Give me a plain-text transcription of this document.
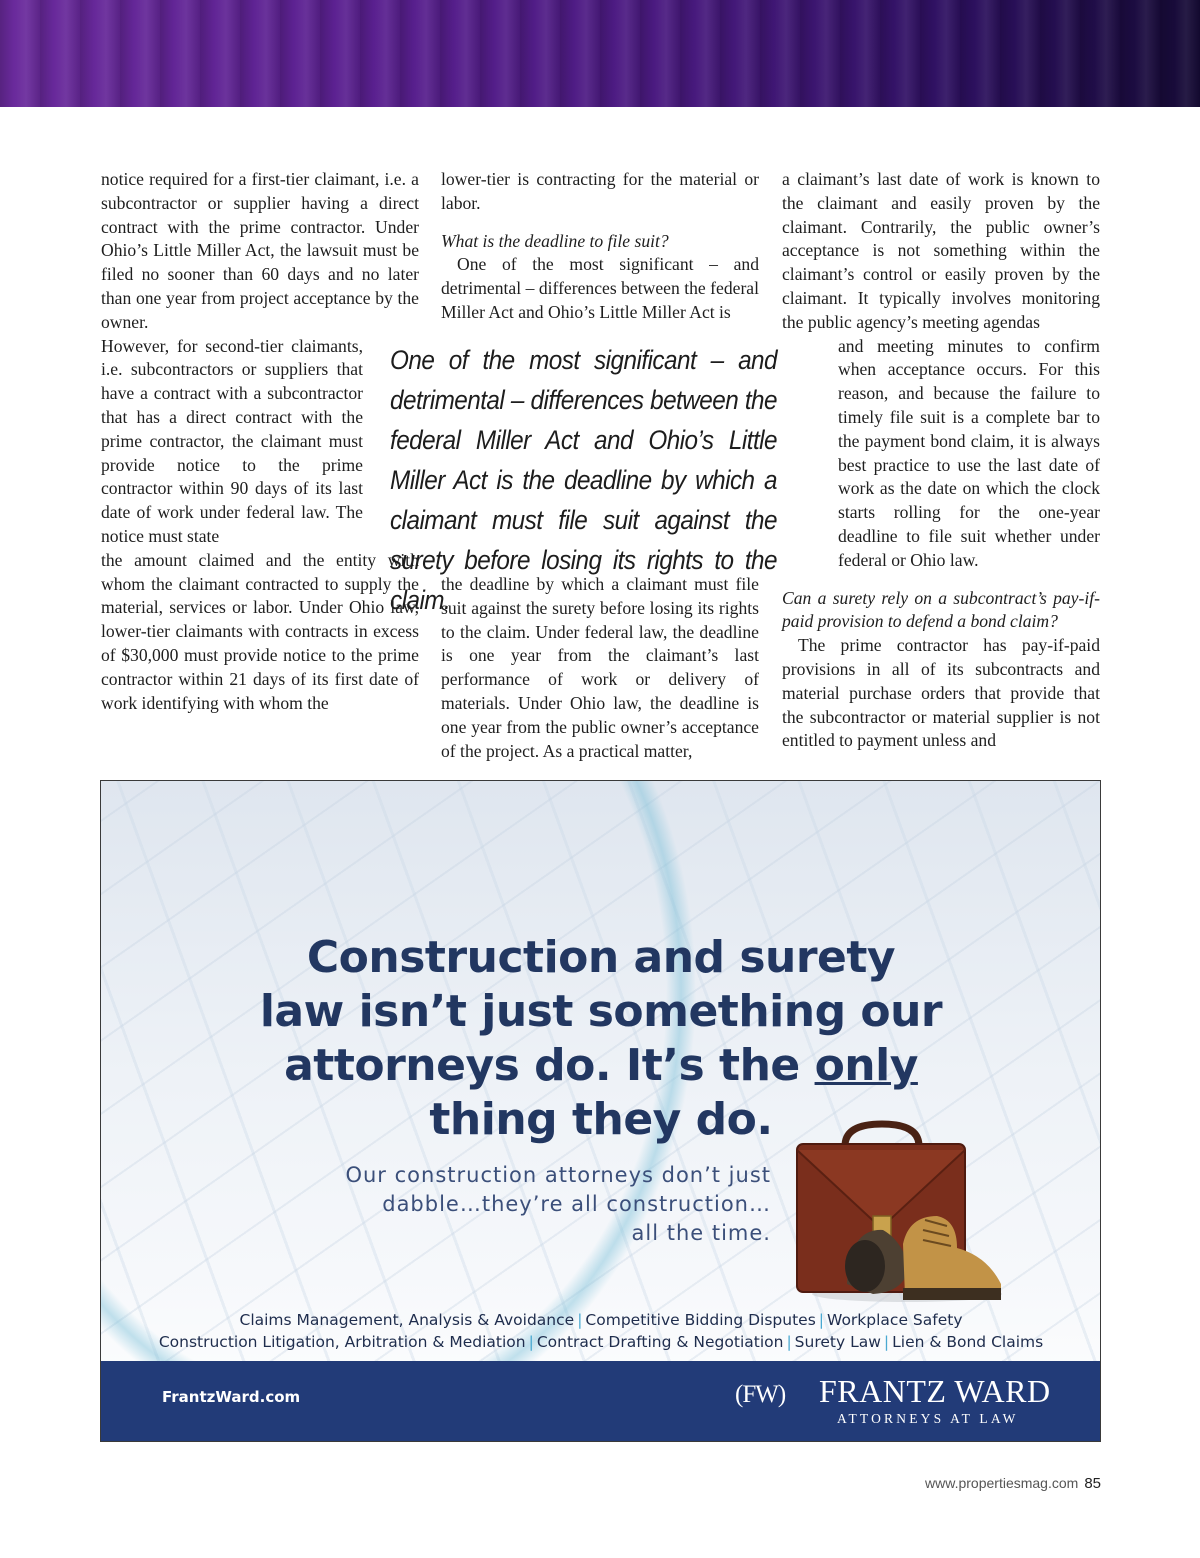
notice required for a first-tier claimant, i.e. a subcontractor or supplier having a direct contract with the prime contractor. Under Ohio’s Little Miller Act, the lawsuit must be filed no sooner than 60 days and no later than one year from project acceptance by the owner.

However, for second-tier claimants, i.e. subcontractors or suppliers that have a contract with a subcontractor that has a direct contract with the prime contractor, the claimant must provide notice to the prime contractor within 90 days of its last date of work under federal law. The notice must state

the amount claimed and the entity with whom the claimant contracted to supply the material, services or labor. Under Ohio law, lower-tier claimants with contracts in excess of $30,000 must provide notice to the prime contractor within 21 days of its first date of work identifying with whom the

lower-tier is contracting for the material or labor.

What is the deadline to file suit?

One of the most significant – and detrimental – differences between the federal Miller Act and Ohio’s Little Miller Act is

One of the most significant – and detrimental – differences between the federal Miller Act and Ohio’s Little Miller Act is the deadline by which a claimant must file suit against the surety before losing its rights to the claim.

the deadline by which a claimant must file suit against the surety before losing its rights to the claim. Under federal law, the deadline is one year from the claimant’s last performance of work or delivery of materials. Under Ohio law, the deadline is one year from the public owner’s acceptance of the project. As a practical matter,

a claimant’s last date of work is known to the claimant and easily proven by the claimant. Contrarily, the public owner’s acceptance is not something within the claimant’s control or easily proven by the claimant. It typically involves monitoring the public agency’s meeting agendas

and meeting minutes to confirm when acceptance occurs. For this reason, and because the failure to timely file suit is a complete bar to the payment bond claim, it is always best practice to use the last date of work as the date on which the clock starts rolling for the one-year deadline to file suit whether under federal or Ohio law.

Can a surety rely on a subcontract’s pay-if-paid provision to defend a bond claim?

The prime contractor has pay-if-paid provisions in all of its subcontracts and material purchase orders that provide that the subcontractor or material supplier is not entitled to payment unless and

Construction and surety
law isn’t just something our
attorneys do. It’s the only
thing they do.
Our construction attorneys don’t just
dabble…they’re all construction…
all the time.
Claims Management, Analysis & Avoidance | Competitive Bidding Disputes | Workplace Safety
Construction Litigation, Arbitration & Mediation | Contract Drafting & Negotiation | Surety Law | Lien & Bond Claims
FrantzWard.com	(FW) FRANTZ WARD
ATTORNEYS AT LAW
www.propertiesmag.com 85
